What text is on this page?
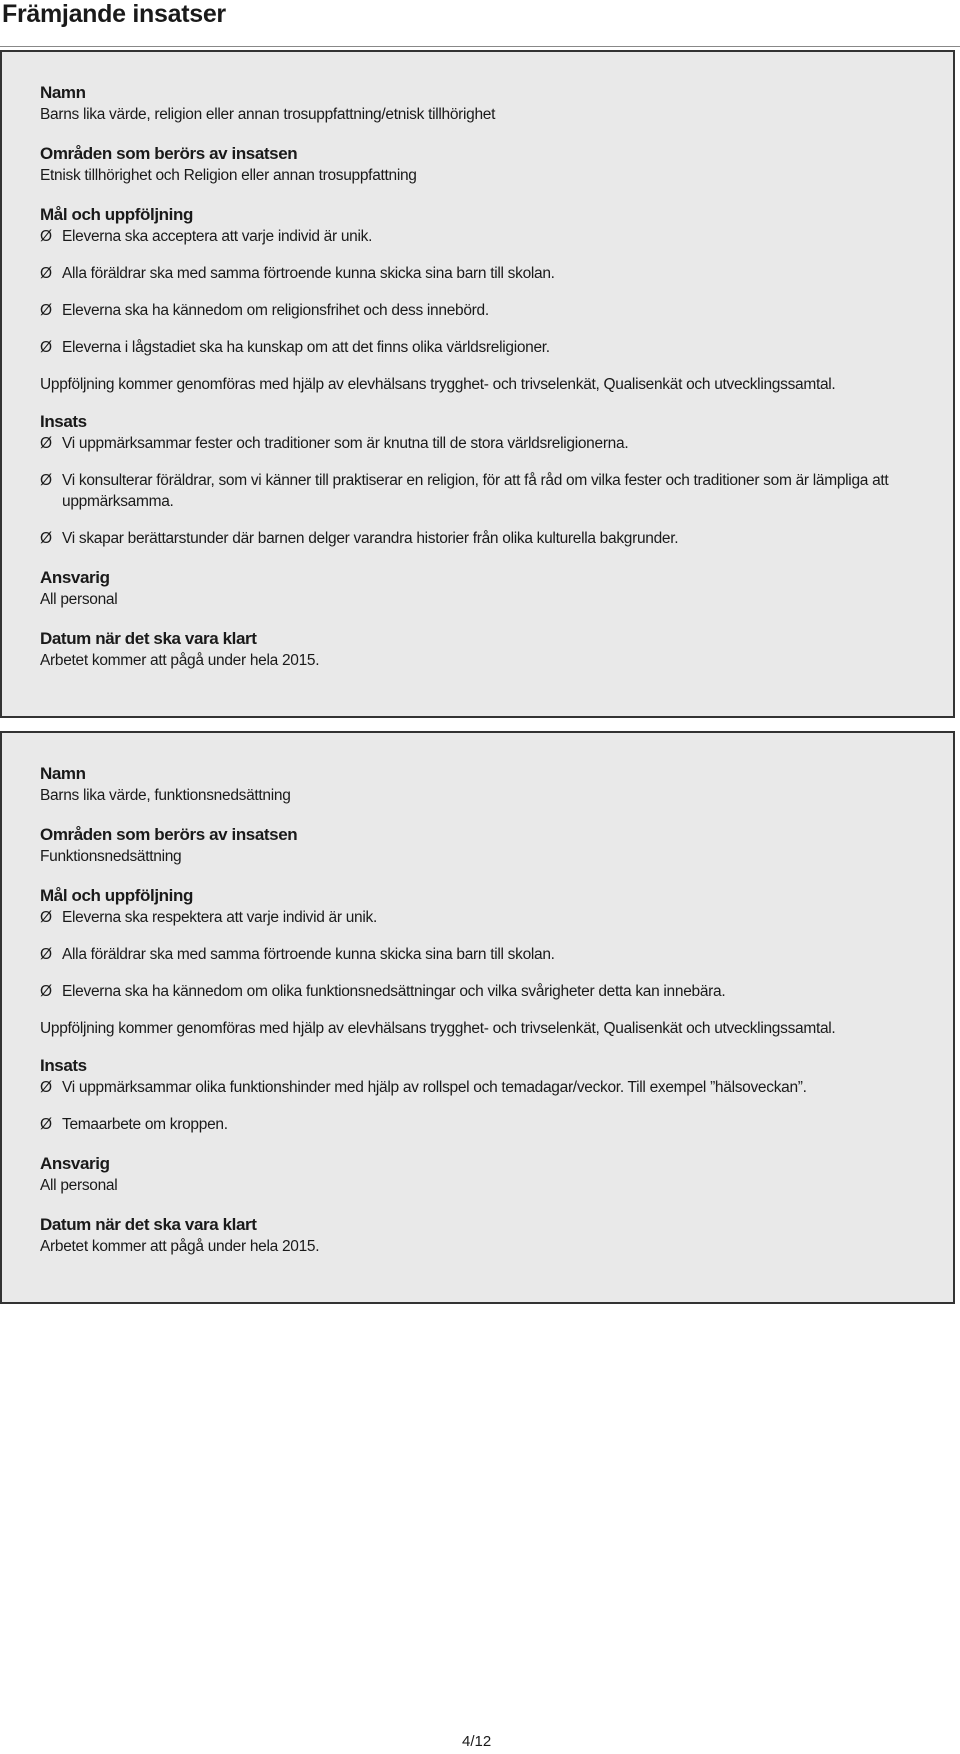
Främjande insatser

Namn

Barns lika värde, religion eller annan trosuppfattning/etnisk tillhörighet

Områden som berörs av insatsen

Etnisk tillhörighet och Religion eller annan trosuppfattning

Mål och uppföljning

Ø Eleverna ska acceptera att varje individ är unik.
Ø Alla föräldrar ska med samma förtroende kunna skicka sina barn till skolan.
Ø Eleverna ska ha kännedom om religionsfrihet och dess innebörd.
Ø Eleverna i lågstadiet ska ha kunskap om att det finns olika världsreligioner.

Uppföljning kommer genomföras med hjälp av elevhälsans trygghet- och trivselenkät, Qualisenkät och utvecklingssamtal.

Insats

Ø Vi uppmärksammar fester och traditioner som är knutna till de stora världsreligionerna.
Ø Vi konsulterar föräldrar, som vi känner till praktiserar en religion, för att få råd om vilka fester och traditioner som är lämpliga att uppmärksamma.
Ø Vi skapar berättarstunder där barnen delger varandra historier från olika kulturella bakgrunder.

Ansvarig

All personal

Datum när det ska vara klart

Arbetet kommer att pågå under hela 2015.

Namn

Barns lika värde, funktionsnedsättning

Områden som berörs av insatsen

Funktionsnedsättning

Mål och uppföljning

Ø Eleverna ska respektera att varje individ är unik.
Ø Alla föräldrar ska med samma förtroende kunna skicka sina barn till skolan.
Ø Eleverna ska ha kännedom om olika funktionsnedsättningar och vilka svårigheter detta kan innebära.

Uppföljning kommer genomföras med hjälp av elevhälsans trygghet- och trivselenkät, Qualisenkät och utvecklingssamtal.

Insats

Ø Vi uppmärksammar olika funktionshinder med hjälp av rollspel och temadagar/veckor. Till exempel ”hälsoveckan”.
Ø Temaarbete om kroppen.

Ansvarig

All personal

Datum när det ska vara klart

Arbetet kommer att pågå under hela 2015.

4/12
